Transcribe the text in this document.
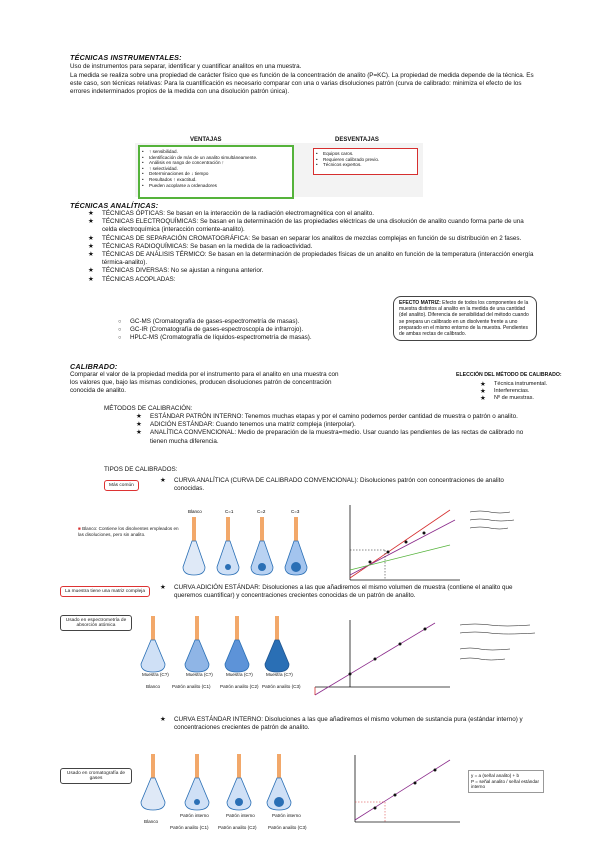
TÉCNICAS INSTRUMENTALES:
Uso de instrumentos para separar, identificar y cuantificar analitos en una muestra.
La medida se realiza sobre una propiedad de carácter físico que es función de la concentración de analito (P=KC). La propiedad de medida depende de la técnica. Es este caso, son técnicas relativas: Para la cuantificación es necesario comparar con una o varias disoluciones patrón (curva de calibrado: minimiza el efecto de los errores indeterminados propios de la medida con una disolución patrón única).
VENTAJAS
• ↑ sensibilidad.
• Identificación de más de un analito simultáneamente.
• Análisis en rango de concentración ↑
• ↑ selectividad.
• Determinaciones de ↓ tiempo
• Resultados ↑ exactitud.
• Pueden acoplarse a ordenadores
DESVENTAJAS
• Equipos caros.
• Requieren calibrado previo.
• Técnicos expertos.
TÉCNICAS ANALÍTICAS:
★ TÉCNICAS ÓPTICAS: Se basan en la interacción de la radiación electromagnética con el analito.
★ TÉCNICAS ELECTROQUÍMICAS: Se basan en la determinación de las propiedades eléctricas de una disolución de analito cuando forma parte de una celda electroquímica (interacción corriente-analito).
★ TÉCNICAS DE SEPARACIÓN CROMATOGRÁFICA: Se basan en separar los analitos de mezclas complejas en función de su distribución en 2 fases.
★ TÉCNICAS RADIOQUÍMICAS: Se basan en la medida de la radioactividad.
★ TÉCNICAS DE ANÁLISIS TÉRMICO: Se basan en la determinación de propiedades físicas de un analito en función de la temperatura (interacción energía térmica-analito).
★ TÉCNICAS DIVERSAS: No se ajustan a ninguna anterior.
★ TÉCNICAS ACOPLADAS:
○ GC-MS (Cromatografía de gases-espectrometría de masas).
○ GC-IR (Cromatografía de gases-espectroscopía de infrarrojo).
○ HPLC-MS (Cromatografía de líquidos-espectrometría de masas).
EFECTO MATRIZ: Efecto de todos los componentes de la muestra distintos al analito en la medida de una cantidad (del analito). Diferencia de sensibilidad del método cuando se prepara un calibrado en un disolvente frente a uno preparado en el mismo entorno de la muestra. Pendientes de ambas rectas de calibrado.
CALIBRADO:
Comparar el valor de la propiedad medida por el instrumento para el analito en una muestra con los valores que, bajo las mismas condiciones, producen disoluciones patrón de concentración conocida de analito.
ELECCIÓN DEL MÉTODO DE CALIBRADO:
★ Técnica instrumental.
★ Interferencias.
★ Nº de muestras.
MÉTODOS DE CALIBRACIÓN:
★ ESTÁNDAR PATRÓN INTERNO: Tenemos muchas etapas y por el camino podemos perder cantidad de muestra o patrón o analito.
★ ADICIÓN ESTÁNDAR: Cuando tenemos una matriz compleja (interpolar).
★ ANALÍTICA CONVENCIONAL: Medio de preparación de la muestra=medio. Usar cuando las pendientes de las rectas de calibrado no tienen mucha diferencia.
TIPOS DE CALIBRADOS:
Más común
★ CURVA ANALÍTICA (CURVA DE CALIBRADO CONVENCIONAL): Disoluciones patrón con concentraciones de analito conocidas.
■ Blanco: Contiene los disolventes empleados en las disoluciones, pero sin analito.
Blanco	C=1	C=2	C=3
La muestra tiene una matriz compleja
★ CURVA ADICIÓN ESTÁNDAR: Disoluciones a las que añadiremos el mismo volumen de muestra (contiene el analito que queremos cuantificar) y concentraciones crecientes conocidas de un patrón de analito.
Usado en espectrometría de absorción atómica
Muestra (C?)	Muestra (C?)	Muestra (C?)	Muestra (C?)
Blanco	Patrón analito (C1) Patrón analito (C2) Patrón analito (C3)
★ CURVA ESTÁNDAR INTERNO: Disoluciones a las que añadiremos el mismo volumen de sustancia pura (estándar interno) y concentraciones crecientes de patrón de analito.
Usado en cromatografía de gases
Blanco
Patrón interno	Patrón interno	Patrón interno
Patrón analito (C1) Patrón analito (C2) Patrón analito (C3)
y = a (señal analito) + b
P = señal analito / señal estándar interno
